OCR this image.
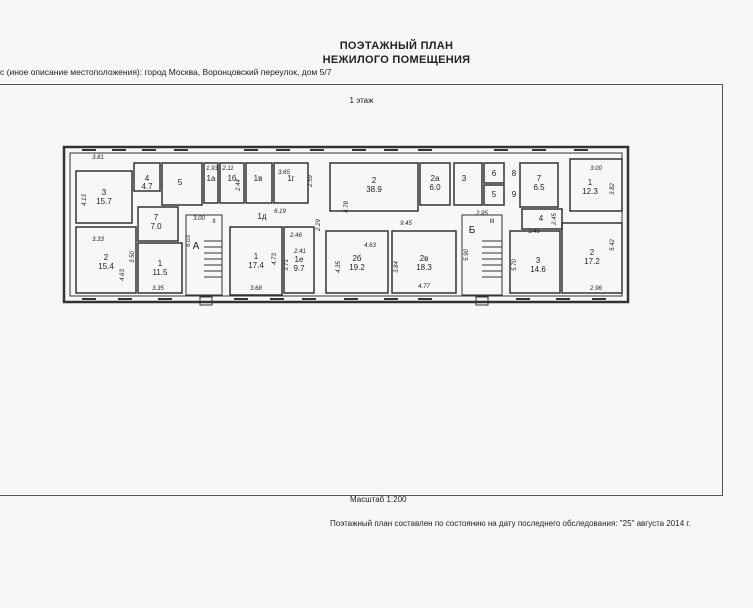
ПОЭТАЖНЫЙ ПЛАН
НЕЖИЛОГО ПОМЕЩЕНИЯ
с (иное описание местоположения): город Москва, Воронцовский переулок, дом 5/7
1 этаж
3
15.7
4
4.7	5	1а 1б 1в	1г	2
38.9
2а
6.0
7
7.0
2
15.4	1
11.5
1
17.4
1е
9.7
2б
19.2
2в
18.3
7
6.5
1
12.3
3
14.6
2
17.2
4
1д
3
6 8
5 9
А
Б
II	III
3.81
4.13
3.33
4.63
3.35
3.50
3.00
6.03
1.93 2.11
2.44
3.65
2.59
6.19
2.29
2.46
2.41
3.71
4.73
3.68
4.78
9.45
4.63
4.35	3.84
4.77
2.95
5.90
3.45
2.45
3.00
3.82
5.70
5.42
2.96
Масштаб 1:200
Поэтажный план составлен по состоянию на дату последнего обследования: "25" августа 2014 г.
